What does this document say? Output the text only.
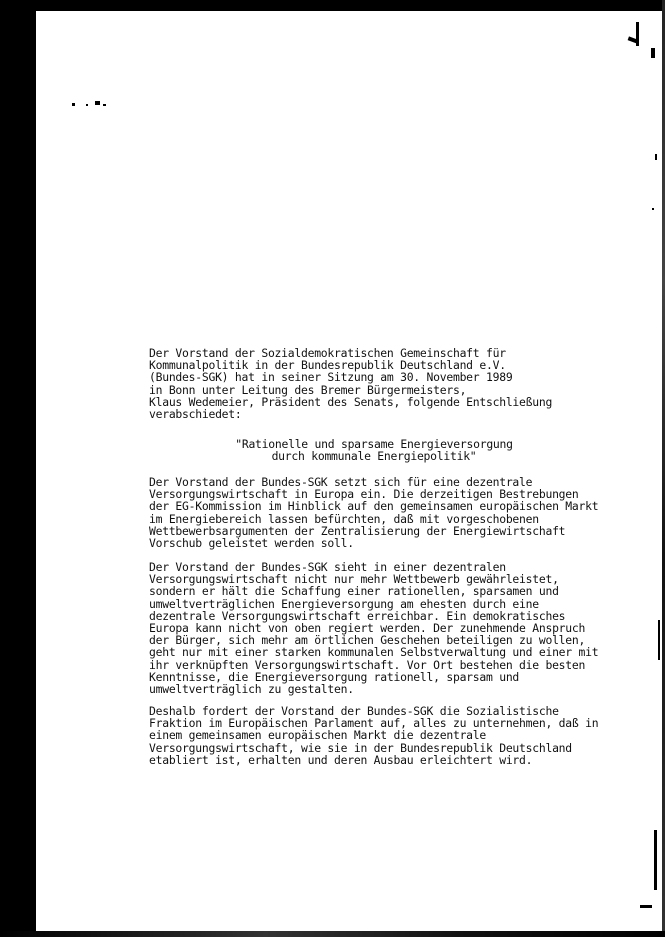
Der Vorstand der Sozialdemokratischen Gemeinschaft für
Kommunalpolitik in der Bundesrepublik Deutschland e.V.
(Bundes-SGK) hat in seiner Sitzung am 30. November 1989
in Bonn unter Leitung des Bremer Bürgermeisters,
Klaus Wedemeier, Präsident des Senats, folgende Entschließung
verabschiedet:
"Rationelle und sparsame Energieversorgung
durch kommunale Energiepolitik"
Der Vorstand der Bundes-SGK setzt sich für eine dezentrale
Versorgungswirtschaft in Europa ein. Die derzeitigen Bestrebungen
der EG-Kommission im Hinblick auf den gemeinsamen europäischen Markt
im Energiebereich lassen befürchten, daß mit vorgeschobenen
Wettbewerbsargumenten der Zentralisierung der Energiewirtschaft
Vorschub geleistet werden soll.
Der Vorstand der Bundes-SGK sieht in einer dezentralen
Versorgungswirtschaft nicht nur mehr Wettbewerb gewährleistet,
sondern er hält die Schaffung einer rationellen, sparsamen und
umweltverträglichen Energieversorgung am ehesten durch eine
dezentrale Versorgungswirtschaft erreichbar. Ein demokratisches
Europa kann nicht von oben regiert werden. Der zunehmende Anspruch
der Bürger, sich mehr am örtlichen Geschehen beteiligen zu wollen,
geht nur mit einer starken kommunalen Selbstverwaltung und einer mit
ihr verknüpften Versorgungswirtschaft. Vor Ort bestehen die besten
Kenntnisse, die Energieversorgung rationell, sparsam und
umweltverträglich zu gestalten.
Deshalb fordert der Vorstand der Bundes-SGK die Sozialistische
Fraktion im Europäischen Parlament auf, alles zu unternehmen, daß in
einem gemeinsamen europäischen Markt die dezentrale
Versorgungswirtschaft, wie sie in der Bundesrepublik Deutschland
etabliert ist, erhalten und deren Ausbau erleichtert wird.
